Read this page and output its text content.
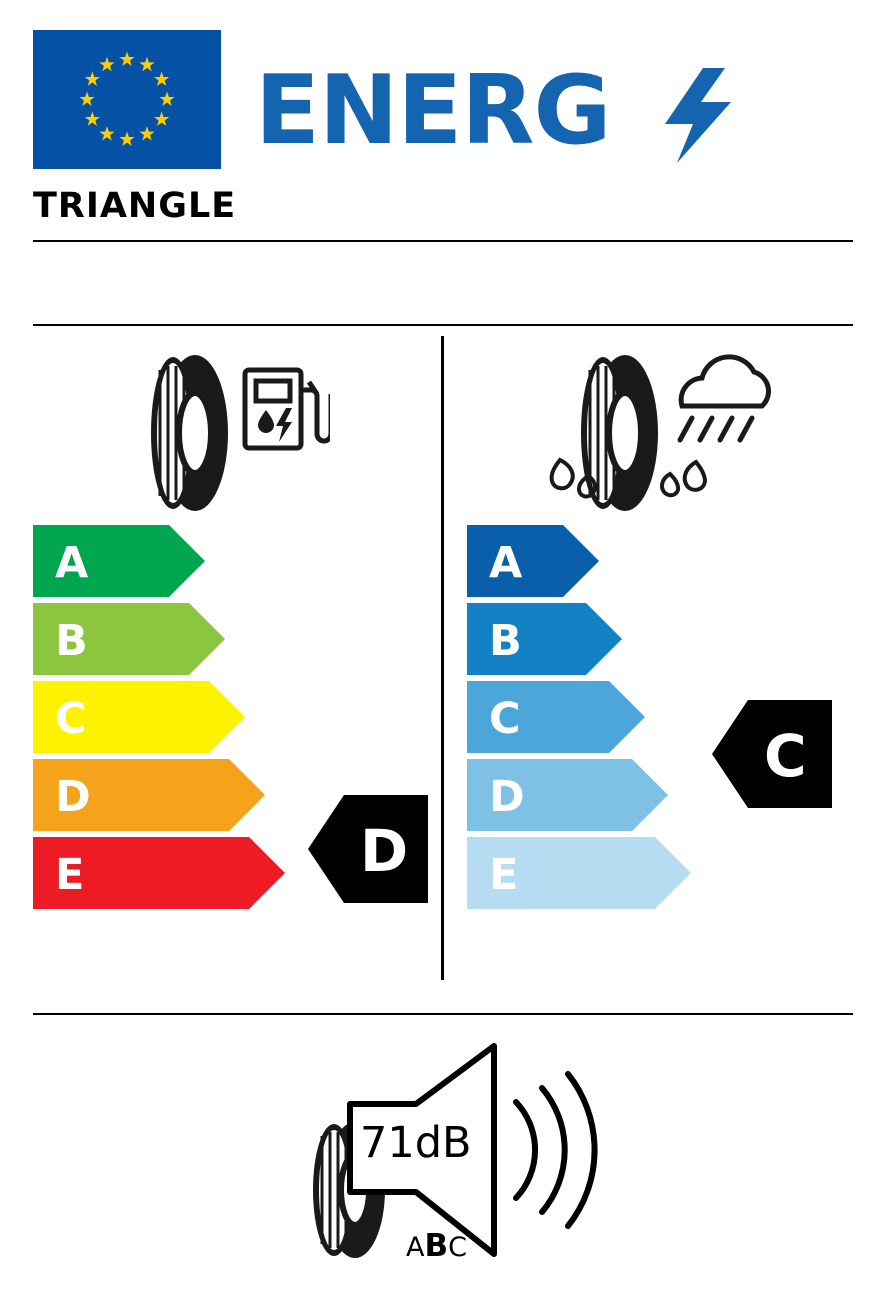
ENERG
TRIANGLE
A
B
C
D
E
A
B
C
D
E
D
C
71dB
ABC
